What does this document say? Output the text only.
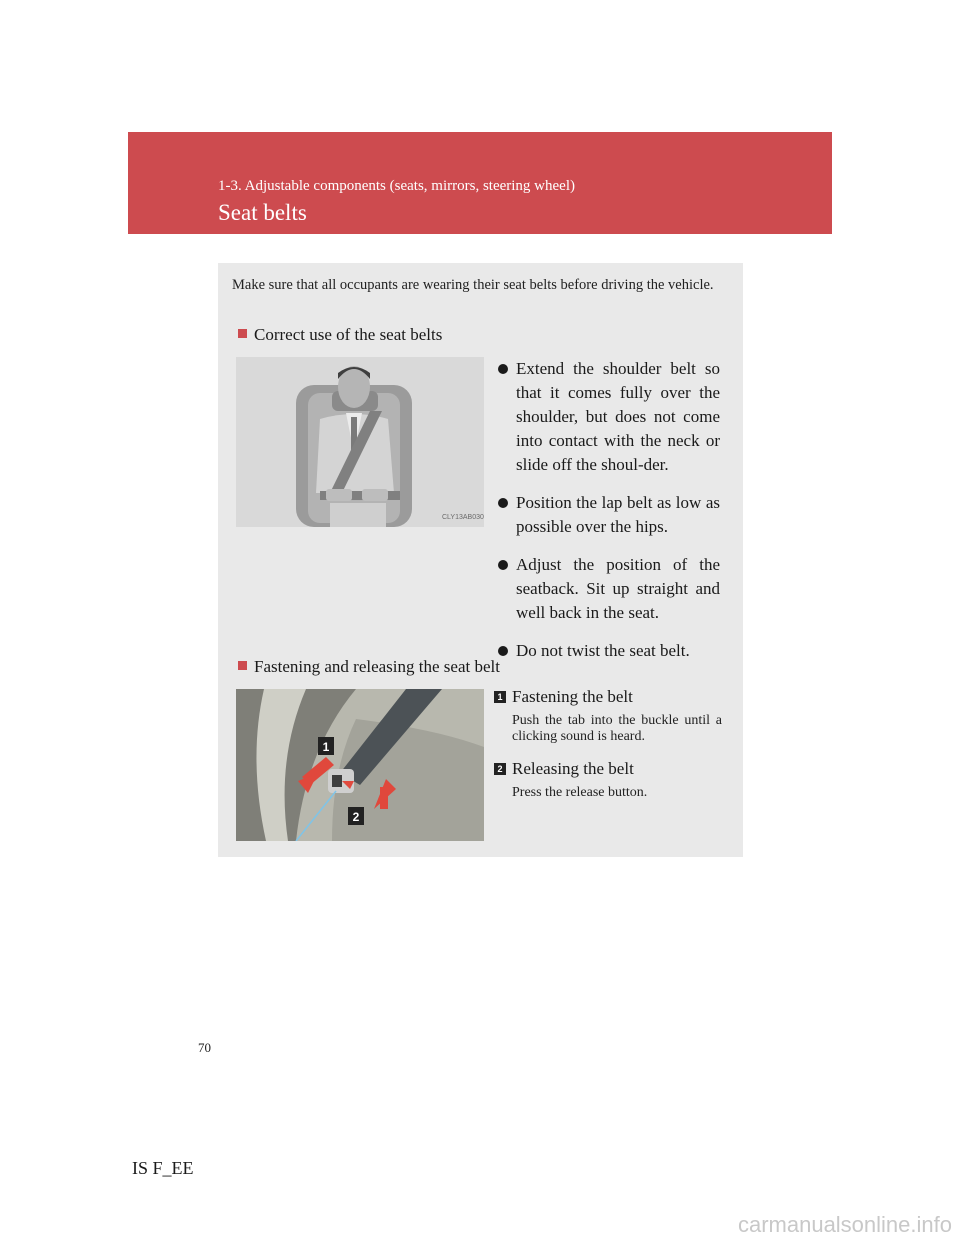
1-3. Adjustable components (seats, mirrors, steering wheel)
Seat belts
Make sure that all occupants are wearing their seat belts before driving the vehicle.
Correct use of the seat belts
CLY13AB030
Extend the shoulder belt so that it comes fully over the shoulder, but does not come into contact with the neck or slide off the shoul-der.
Position the lap belt as low as possible over the hips.
Adjust the position of the seatback. Sit up straight and well back in the seat.
Do not twist the seat belt.
Fastening and releasing the seat belt
1
2
1 Fastening the belt
Push the tab into the buckle until a clicking sound is heard.
2 Releasing the belt
Press the release button.
70
IS F_EE
carmanualsonline.info
